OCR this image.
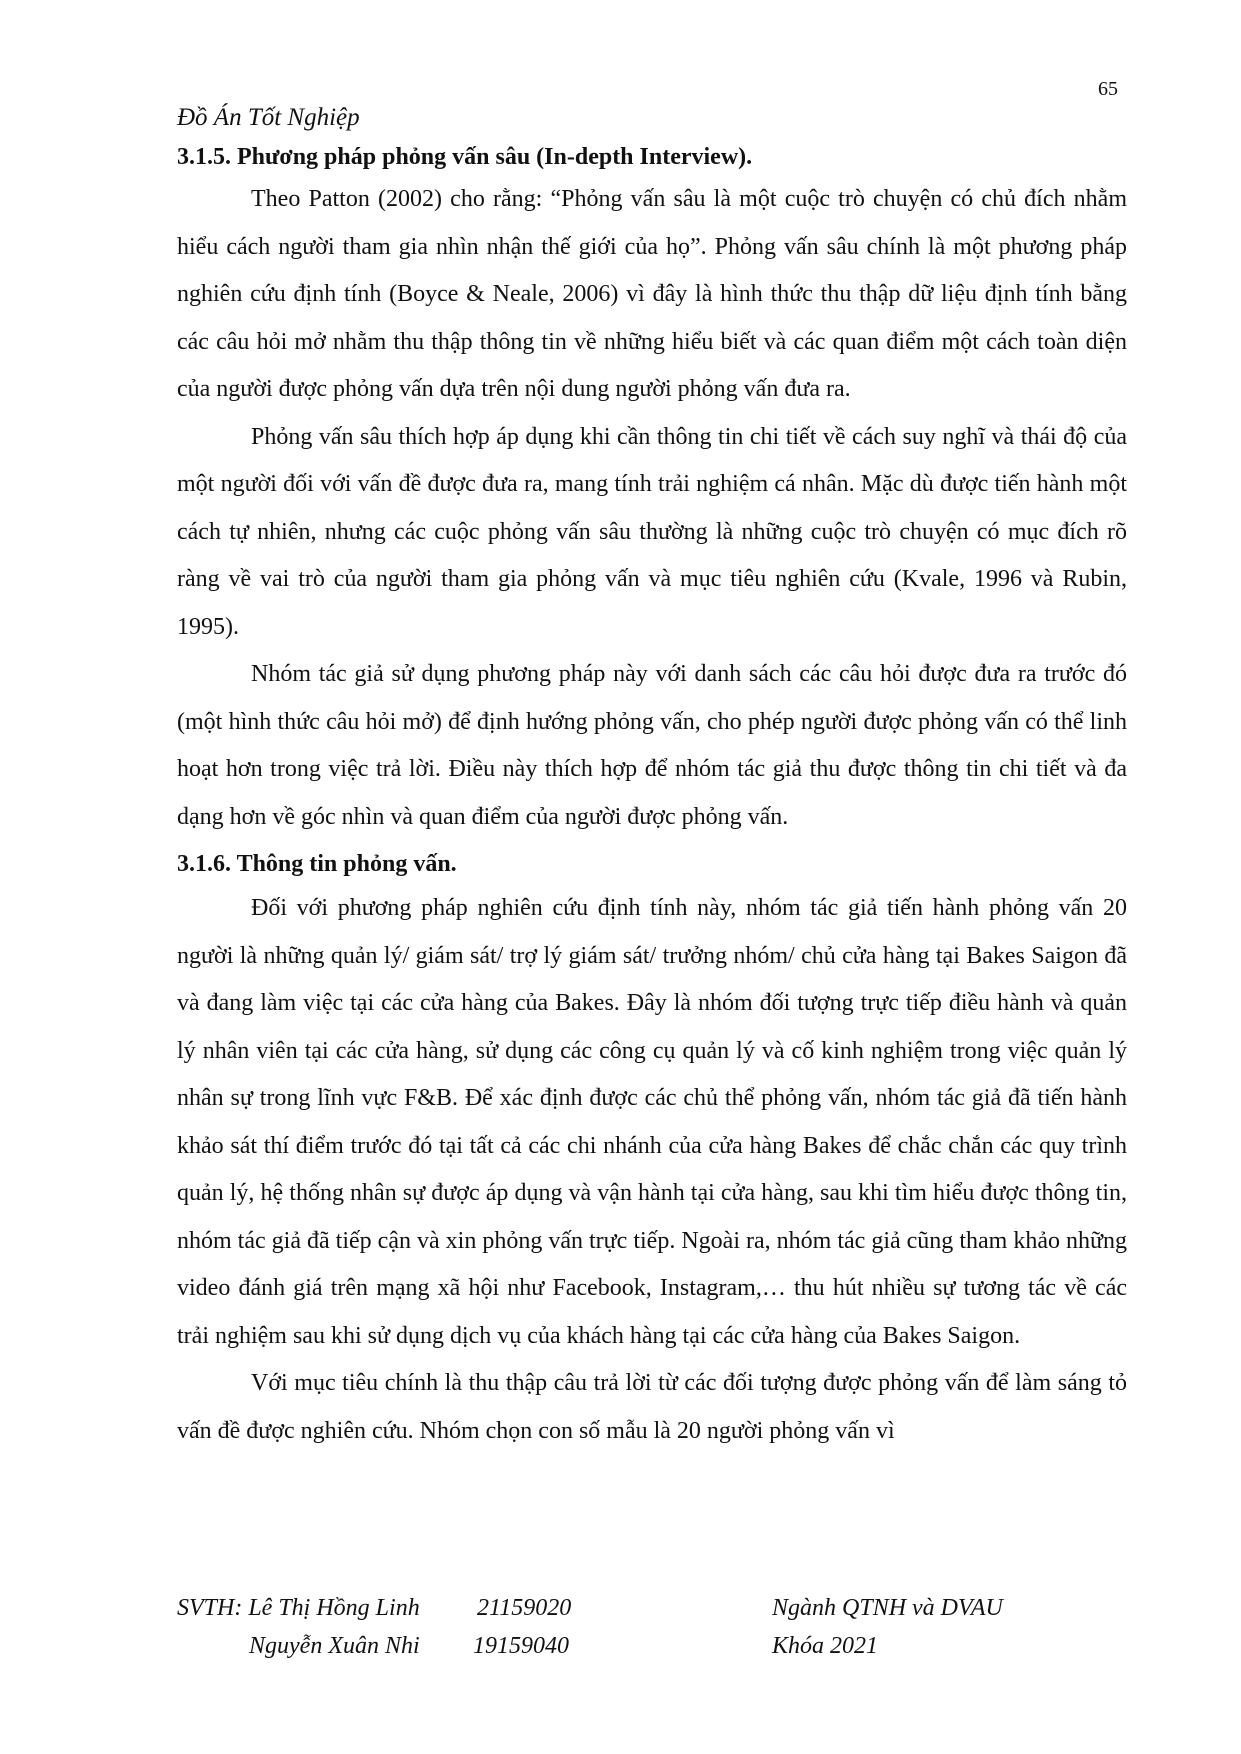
65
Đồ Án Tốt Nghiệp
3.1.5. Phương pháp phỏng vấn sâu (In-depth Interview).

Theo Patton (2002) cho rằng: “Phỏng vấn sâu là một cuộc trò chuyện có chủ đích nhằm hiểu cách người tham gia nhìn nhận thế giới của họ”. Phỏng vấn sâu chính là một phương pháp nghiên cứu định tính (Boyce & Neale, 2006) vì đây là hình thức thu thập dữ liệu định tính bằng các câu hỏi mở nhằm thu thập thông tin về những hiểu biết và các quan điểm một cách toàn diện của người được phỏng vấn dựa trên nội dung người phỏng vấn đưa ra.

Phỏng vấn sâu thích hợp áp dụng khi cần thông tin chi tiết về cách suy nghĩ và thái độ của một người đối với vấn đề được đưa ra, mang tính trải nghiệm cá nhân. Mặc dù được tiến hành một cách tự nhiên, nhưng các cuộc phỏng vấn sâu thường là những cuộc trò chuyện có mục đích rõ ràng về vai trò của người tham gia phỏng vấn và mục tiêu nghiên cứu (Kvale, 1996 và Rubin, 1995).

Nhóm tác giả sử dụng phương pháp này với danh sách các câu hỏi được đưa ra trước đó (một hình thức câu hỏi mở) để định hướng phỏng vấn, cho phép người được phỏng vấn có thể linh hoạt hơn trong việc trả lời. Điều này thích hợp để nhóm tác giả thu được thông tin chi tiết và đa dạng hơn về góc nhìn và quan điểm của người được phỏng vấn.

3.1.6. Thông tin phỏng vấn.

Đối với phương pháp nghiên cứu định tính này, nhóm tác giả tiến hành phỏng vấn 20 người là những quản lý/ giám sát/ trợ lý giám sát/ trưởng nhóm/ chủ cửa hàng tại Bakes Saigon đã và đang làm việc tại các cửa hàng của Bakes. Đây là nhóm đối tượng trực tiếp điều hành và quản lý nhân viên tại các cửa hàng, sử dụng các công cụ quản lý và cố kinh nghiệm trong việc quản lý nhân sự trong lĩnh vực F&B. Để xác định được các chủ thể phỏng vấn, nhóm tác giả đã tiến hành khảo sát thí điểm trước đó tại tất cả các chi nhánh của cửa hàng Bakes để chắc chắn các quy trình quản lý, hệ thống nhân sự được áp dụng và vận hành tại cửa hàng, sau khi tìm hiểu được thông tin, nhóm tác giả đã tiếp cận và xin phỏng vấn trực tiếp. Ngoài ra, nhóm tác giả cũng tham khảo những video đánh giá trên mạng xã hội như Facebook, Instagram,… thu hút nhiều sự tương tác về các trải nghiệm sau khi sử dụng dịch vụ của khách hàng tại các cửa hàng của Bakes Saigon.

Với mục tiêu chính là thu thập câu trả lời từ các đối tượng được phỏng vấn để làm sáng tỏ vấn đề được nghiên cứu. Nhóm chọn con số mẫu là 20 người phỏng vấn vì

SVTH: Lê Thị Hồng Linh 21159020	Ngành QTNH và DVAU
Nguyễn Xuân Nhi 19159040	Khóa 2021
